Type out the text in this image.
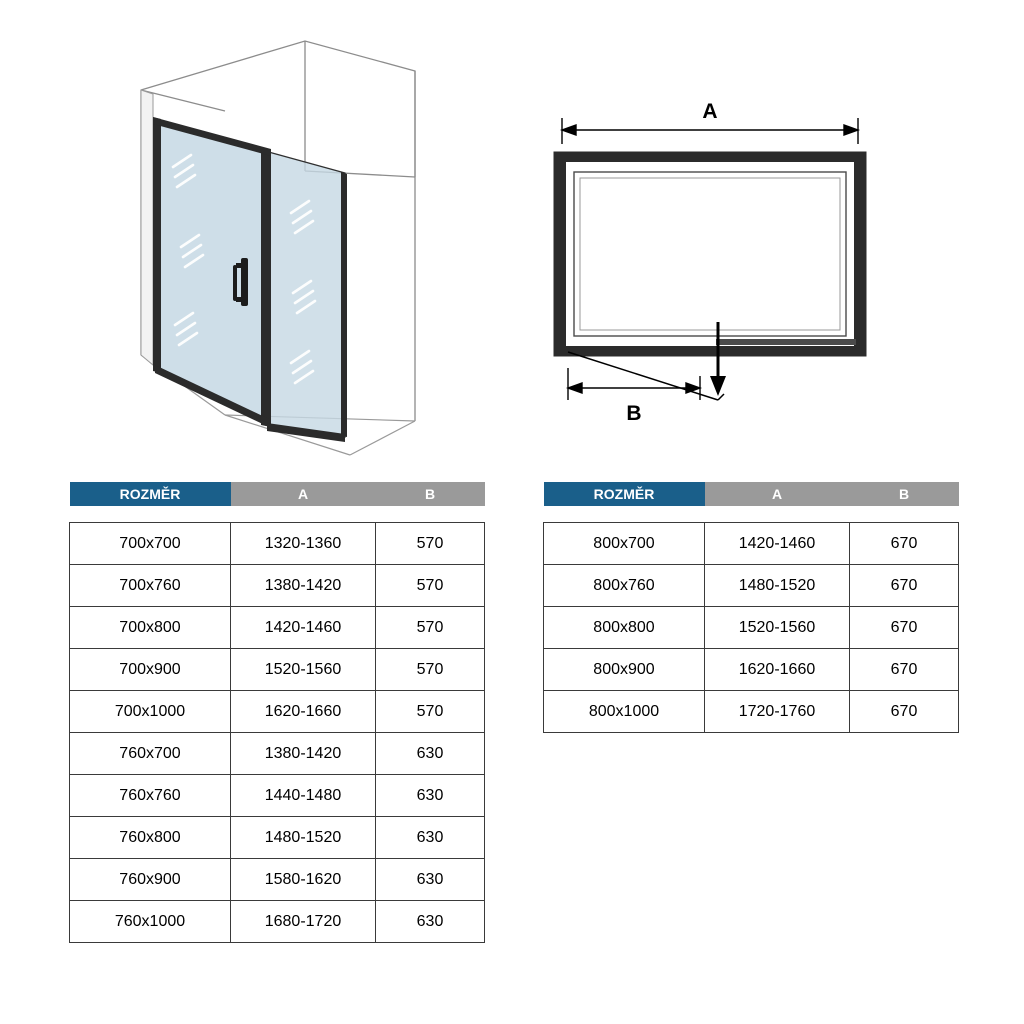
A
B
ROZMĚR	A	B

700x700	1320-1360	570
700x760	1380-1420	570
700x800	1420-1460	570
700x900	1520-1560	570
700x1000	1620-1660	570
760x700	1380-1420	630
760x760	1440-1480	630
760x800	1480-1520	630
760x900	1580-1620	630
760x1000	1680-1720	630
ROZMĚR	A	B

800x700	1420-1460	670
800x760	1480-1520	670
800x800	1520-1560	670
800x900	1620-1660	670
800x1000	1720-1760	670
